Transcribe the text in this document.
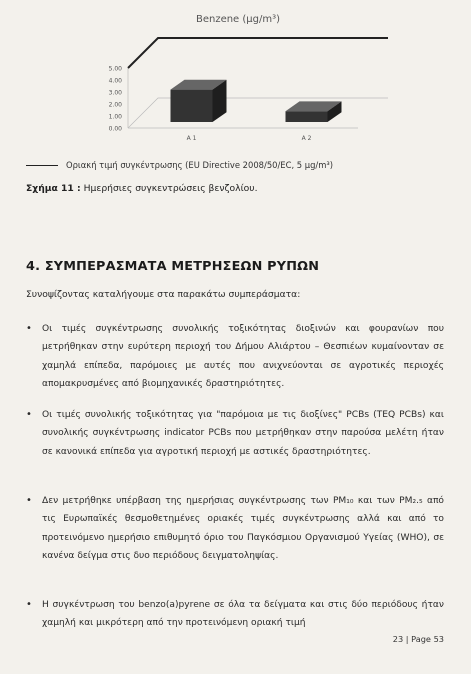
Benzene (μg/m³)
0.00
1.00
2.00
3.00
4.00
5.00
A 1	A 2
Οριακή τιμή συγκέντρωσης (EU Directive 2008/50/EC, 5 μg/m³)
Σχήμα 11 : Ημερήσιες συγκεντρώσεις βενζολίου.
4. ΣΥΜΠΕΡΑΣΜΑΤΑ ΜΕΤΡΗΣΕΩΝ ΡΥΠΩΝ
Συνοψίζοντας καταλήγουμε στα παρακάτω συμπεράσματα:
• Οι τιμές συγκέντρωσης συνολικής τοξικότητας διοξινών και φουρανίων που μετρήθηκαν στην ευρύτερη περιοχή του Δήμου Αλιάρτου – Θεσπιέων κυμαίνονταν σε χαμηλά επίπεδα, παρόμοιες με αυτές που ανιχνεύονται σε αγροτικές περιοχές απομακρυσμένες από βιομηχανικές δραστηριότητες.
• Οι τιμές συνολικής τοξικότητας για "παρόμοια με τις διοξίνες" PCBs (TEQ PCBs) και συνολικής συγκέντρωσης indicator PCBs που μετρήθηκαν στην παρούσα μελέτη ήταν σε κανονικά επίπεδα για αγροτική περιοχή με αστικές δραστηριότητες.
• Δεν μετρήθηκε υπέρβαση της ημερήσιας συγκέντρωσης των PM₁₀ και των PM₂.₅ από τις Ευρωπαϊκές θεσμοθετημένες οριακές τιμές συγκέντρωσης αλλά και από το προτεινόμενο ημερήσιο επιθυμητό όριο του Παγκόσμιου Οργανισμού Υγείας (WHO), σε κανένα δείγμα στις δυο περιόδους δειγματοληψίας.
• Η συγκέντρωση του benzo(a)pyrene σε όλα τα δείγματα και στις δύο περιόδους ήταν χαμηλή και μικρότερη από την προτεινόμενη οριακή τιμή
23 | Page 53
